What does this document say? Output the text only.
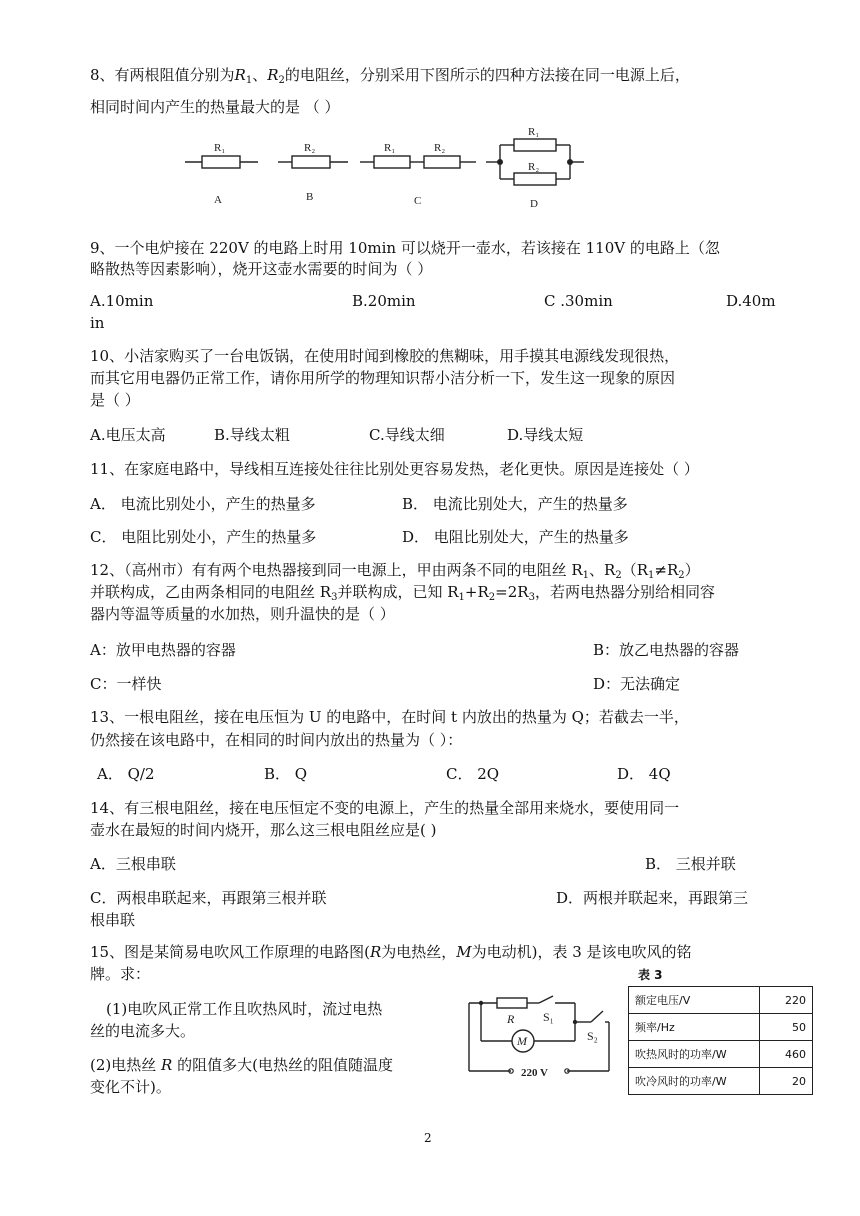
8、有两根阻值分别为$R_1$、$R_2$的电阻丝，分别采用下图所示的四种方法接在同一电源上后，
相同时间内产生的热量最大的是 （ ）
R₁	R₂	R₁	R₂
R₁
R₂
A	B	C	D
9、一个电炉接在 220V 的电路上时用 10min 可以烧开一壶水，若该接在 110V 的电路上（忽
略散热等因素影响），烧开这壶水需要的时间为（ ）
A.10min	B.20min	C .30min	D.40m
in
10、小洁家购买了一台电饭锅，在使用时闻到橡胶的焦糊味，用手摸其电源线发现很热，
而其它用电器仍正常工作，请你用所学的物理知识帮小洁分析一下，发生这一现象的原因
是（ ）
A.电压太高	B.导线太粗	C.导线太细	D.导线太短
11、在家庭电路中，导线相互连接处往往比别处更容易发热，老化更快。原因是连接处（ ）
A． 电流比别处小，产生的热量多	B． 电流比别处大，产生的热量多
C． 电阻比别处小，产生的热量多	D． 电阻比别处大，产生的热量多
12、（高州市）有有两个电热器接到同一电源上，甲由两条不同的电阻丝 $R_1$、$R_2(R_1\ne R_2)$
并联构成，乙由两条相同的电阻丝 $R_3$并联构成，已知 $R_1+R_2=2R_3$，若两电热器分别给相同容
器内等温等质量的水加热，则升温快的是（ ）
A：放甲电热器的容器	B：放乙电热器的容器
C：一样快	D：无法确定
13、一根电阻丝，接在电压恒为 U 的电路中，在时间 t 内放出的热量为 Q；若截去一半，
仍然接在该电路中，在相同的时间内放出的热量为（ ）：
A． Q/2	B． Q	C． 2Q	D． 4Q
14、有三根电阻丝，接在电压恒定不变的电源上，产生的热量全部用来烧水，要使用同一
壶水在最短的时间内烧开，那么这三根电阻丝应是( )
A．三根串联	B． 三根并联
C．两根串联起来，再跟第三根并联	D．两根并联起来，再跟第三
根串联
15、图是某简易电吹风工作原理的电路图(R为电热丝，M为电动机)，表 3 是该电吹风的铭
牌。求：
(1)电吹风正常工作且吹热风时，流过电热
丝的电流多大。
(2)电热丝 R 的阻值多大(电热丝的阻值随温度
变化不计)。
R S₁
M	S₂
220 V
表 3
额定电压/V	220
频率/Hz	50
吹热风时的功率/W	460
吹冷风时的功率/W	20
2
